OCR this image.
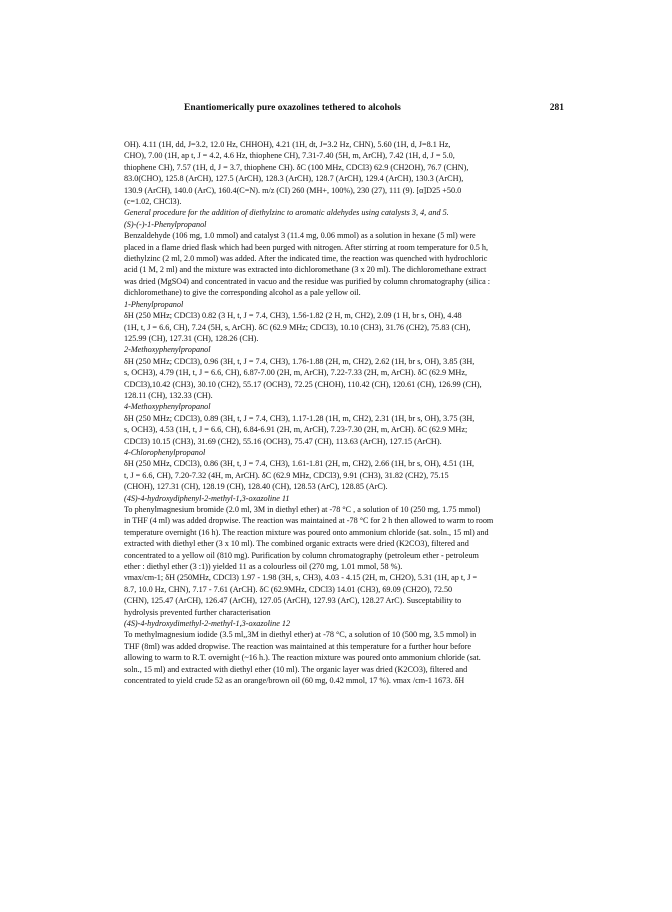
Enantiomerically pure oxazolines tethered to alcohols	281

OH). 4.11 (1H, dd, J=3.2, 12.0 Hz, CHHOH), 4.21 (1H, dt, J=3.2 Hz, CHN), 5.60 (1H, d, J=8.1 Hz,

CHO), 7.00 (1H, ap t, J = 4.2, 4.6 Hz, thiophene CH), 7.31-7.40 (5H, m, ArCH), 7.42 (1H, d, J = 5.0,

thiophene CH), 7.57 (1H, d, J = 3.7, thiophene CH). δC (100 MHz, CDCl3) 62.9 (CH2OH), 76.7 (CHN),

83.0(CHO), 125.8 (ArCH), 127.5 (ArCH), 128.3 (ArCH), 128.7 (ArCH), 129.4 (ArCH), 130.3 (ArCH),

130.9 (ArCH), 140.0 (ArC), 160.4(C=N). m/z (CI) 260 (MH+, 100%), 230 (27), 111 (9). [α]D25 +50.0

(c=1.02, CHCl3).

General procedure for the addition of diethylzinc to aromatic aldehydes using catalysts 3, 4, and 5.

(S)-(-)-1-Phenylpropanol

Benzaldehyde (106 mg, 1.0 mmol) and catalyst 3 (11.4 mg, 0.06 mmol) as a solution in hexane (5 ml) were

placed in a flame dried flask which had been purged with nitrogen. After stirring at room temperature for 0.5 h,

diethylzinc (2 ml, 2.0 mmol) was added. After the indicated time, the reaction was quenched with hydrochloric

acid (1 M, 2 ml) and the mixture was extracted into dichloromethane (3 x 20 ml). The dichloromethane extract

was dried (MgSO4) and concentrated in vacuo and the residue was purified by column chromatography (silica :

dichloromethane) to give the corresponding alcohol as a pale yellow oil.

1-Phenylpropanol

δH (250 MHz; CDCl3) 0.82 (3 H, t, J = 7.4, CH3), 1.56-1.82 (2 H, m, CH2), 2.09 (1 H, br s, OH), 4.48

(1H, t, J = 6.6, CH), 7.24 (5H, s, ArCH). δC (62.9 MHz; CDCl3), 10.10 (CH3), 31.76 (CH2), 75.83 (CH),

125.99 (CH), 127.31 (CH), 128.26 (CH).

2-Methoxyphenylpropanol

δH (250 MHz; CDCl3), 0.96 (3H, t, J = 7.4, CH3), 1.76-1.88 (2H, m, CH2), 2.62 (1H, br s, OH), 3.85 (3H,

s, OCH3), 4.79 (1H, t, J = 6.6, CH), 6.87-7.00 (2H, m, ArCH), 7.22-7.33 (2H, m, ArCH). δC (62.9 MHz,

CDCl3),10.42 (CH3), 30.10 (CH2), 55.17 (OCH3), 72.25 (CHOH), 110.42 (CH), 120.61 (CH), 126.99 (CH),

128.11 (CH), 132.33 (CH).

4-Methoxyphenylpropanol

δH (250 MHz; CDCl3), 0.89 (3H, t, J = 7.4, CH3), 1.17-1.28 (1H, m, CH2), 2.31 (1H, br s, OH), 3.75 (3H,

s, OCH3), 4.53 (1H, t, J = 6.6, CH), 6.84-6.91 (2H, m, ArCH), 7.23-7.30 (2H, m, ArCH). δC (62.9 MHz;

CDCl3) 10.15 (CH3), 31.69 (CH2), 55.16 (OCH3), 75.47 (CH), 113.63 (ArCH), 127.15 (ArCH).

4-Chlorophenylpropanol

δH (250 MHz, CDCl3), 0.86 (3H, t, J = 7.4, CH3), 1.61-1.81 (2H, m, CH2), 2.66 (1H, br s, OH), 4.51 (1H,

t, J = 6.6, CH), 7.20-7.32 (4H, m, ArCH). δC (62.9 MHz, CDCl3), 9.91 (CH3), 31.82 (CH2), 75.15

(CHOH), 127.31 (CH), 128.19 (CH), 128.40 (CH), 128.53 (ArC), 128.85 (ArC).

(4S)-4-hydroxydiphenyl-2-methyl-1,3-oxazoline 11

To phenylmagnesium bromide (2.0 ml, 3M in diethyl ether) at -78 °C , a solution of 10 (250 mg, 1.75 mmol)

in THF (4 ml) was added dropwise. The reaction was maintained at -78 °C for 2 h then allowed to warm to room

temperature overnight (16 h). The reaction mixture was poured onto ammonium chloride (sat. soln., 15 ml) and

extracted with diethyl ether (3 x 10 ml). The combined organic extracts were dried (K2CO3), filtered and

concentrated to a yellow oil (810 mg). Purification by column chromatography (petroleum ether - petroleum

ether : diethyl ether (3 :1)) yielded 11 as a colourless oil (270 mg, 1.01 mmol, 58 %).

νmax/cm-1; δH (250MHz, CDCl3) 1.97 - 1.98 (3H, s, CH3), 4.03 - 4.15 (2H, m, CH2O), 5.31 (1H, ap t, J =

8.7, 10.0 Hz, CHN), 7.17 - 7.61 (ArCH). δC (62.9MHz, CDCl3) 14.01 (CH3), 69.09 (CH2O), 72.50

(CHN), 125.47 (ArCH), 126.47 (ArCH), 127.05 (ArCH), 127.93 (ArC), 128.27 ArC). Susceptability to

hydrolysis prevented further characterisation

(4S)-4-hydroxydimethyl-2-methyl-1,3-oxazoline 12

To methylmagnesium iodide (3.5 ml,,3M in diethyl ether) at -78 °C, a solution of 10 (500 mg, 3.5 mmol) in

THF (8ml) was added dropwise. The reaction was maintained at this temperature for a further hour before

allowing to warm to R.T. overnight (~16 h.). The reaction mixture was poured onto ammonium chloride (sat.

soln., 15 ml) and extracted with diethyl ether (10 ml). The organic layer was dried (K2CO3), filtered and

concentrated to yield crude 52 as an orange/brown oil (60 mg, 0.42 mmol, 17 %). νmax /cm-1 1673. δH
